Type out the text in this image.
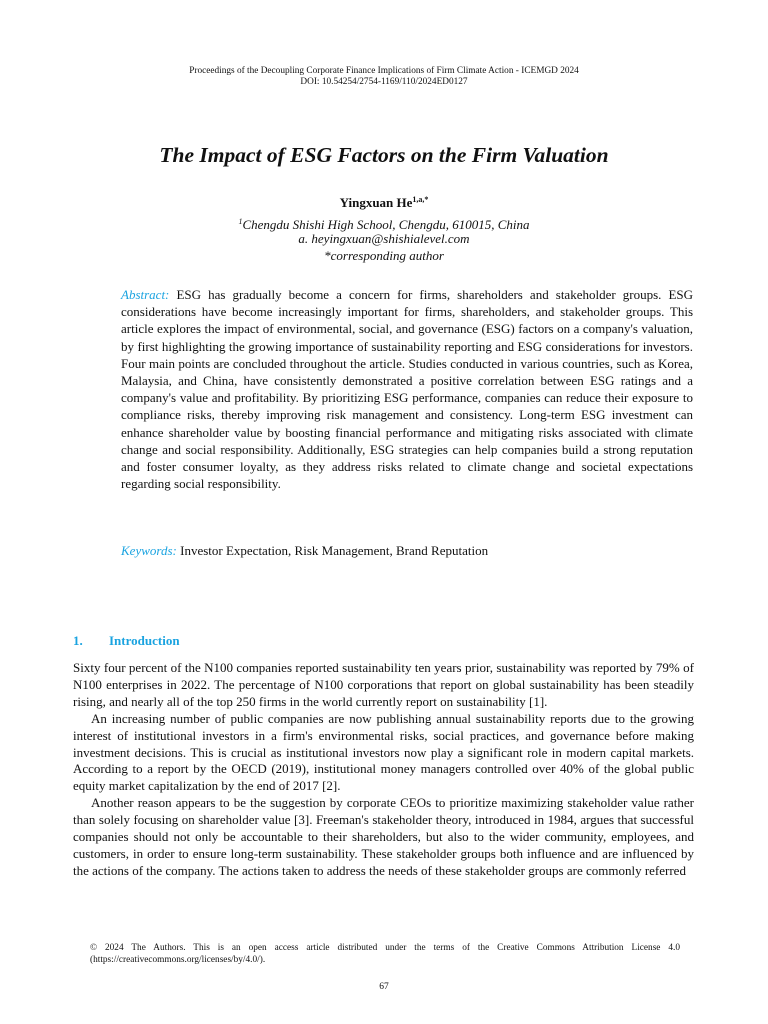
Proceedings of the Decoupling Corporate Finance Implications of Firm Climate Action - ICEMGD 2024
DOI: 10.54254/2754-1169/110/2024ED0127
The Impact of ESG Factors on the Firm Valuation
Yingxuan $He^{1,a,*}$
$^1$Chengdu Shishi High School, Chengdu, 610015, China
a. heyingxuan@shishialevel.com
*corresponding author
Abstract: ESG has gradually become a concern for firms, shareholders and stakeholder groups. ESG considerations have become increasingly important for firms, shareholders, and stakeholder groups. This article explores the impact of environmental, social, and governance (ESG) factors on a company's valuation, by first highlighting the growing importance of sustainability reporting and ESG considerations for investors. Four main points are concluded throughout the article. Studies conducted in various countries, such as Korea, Malaysia, and China, have consistently demonstrated a positive correlation between ESG ratings and a company's value and profitability. By prioritizing ESG performance, companies can reduce their exposure to compliance risks, thereby improving risk management and consistency. Long-term ESG investment can enhance shareholder value by boosting financial performance and mitigating risks associated with climate change and social responsibility. Additionally, ESG strategies can help companies build a strong reputation and foster consumer loyalty, as they address risks related to climate change and societal expectations regarding social responsibility.
Keywords: Investor Expectation, Risk Management, Brand Reputation
1. Introduction

Sixty four percent of the N100 companies reported sustainability ten years prior, sustainability was reported by 79% of N100 enterprises in 2022. The percentage of N100 corporations that report on global sustainability has been steadily rising, and nearly all of the top 250 firms in the world currently report on sustainability [1].

An increasing number of public companies are now publishing annual sustainability reports due to the growing interest of institutional investors in a firm's environmental risks, social practices, and governance before making investment decisions. This is crucial as institutional investors now play a significant role in modern capital markets. According to a report by the OECD (2019), institutional money managers controlled over 40% of the global public equity market capitalization by the end of 2017 [2].

Another reason appears to be the suggestion by corporate CEOs to prioritize maximizing stakeholder value rather than solely focusing on shareholder value [3]. Freeman's stakeholder theory, introduced in 1984, argues that successful companies should not only be accountable to their shareholders, but also to the wider community, employees, and customers, in order to ensure long-term sustainability. These stakeholder groups both influence and are influenced by the actions of the company. The actions taken to address the needs of these stakeholder groups are commonly referred

© 2024 The Authors. This is an open access article distributed under the terms of the Creative Commons Attribution License 4.0 (https://creativecommons.org/licenses/by/4.0/).
67
